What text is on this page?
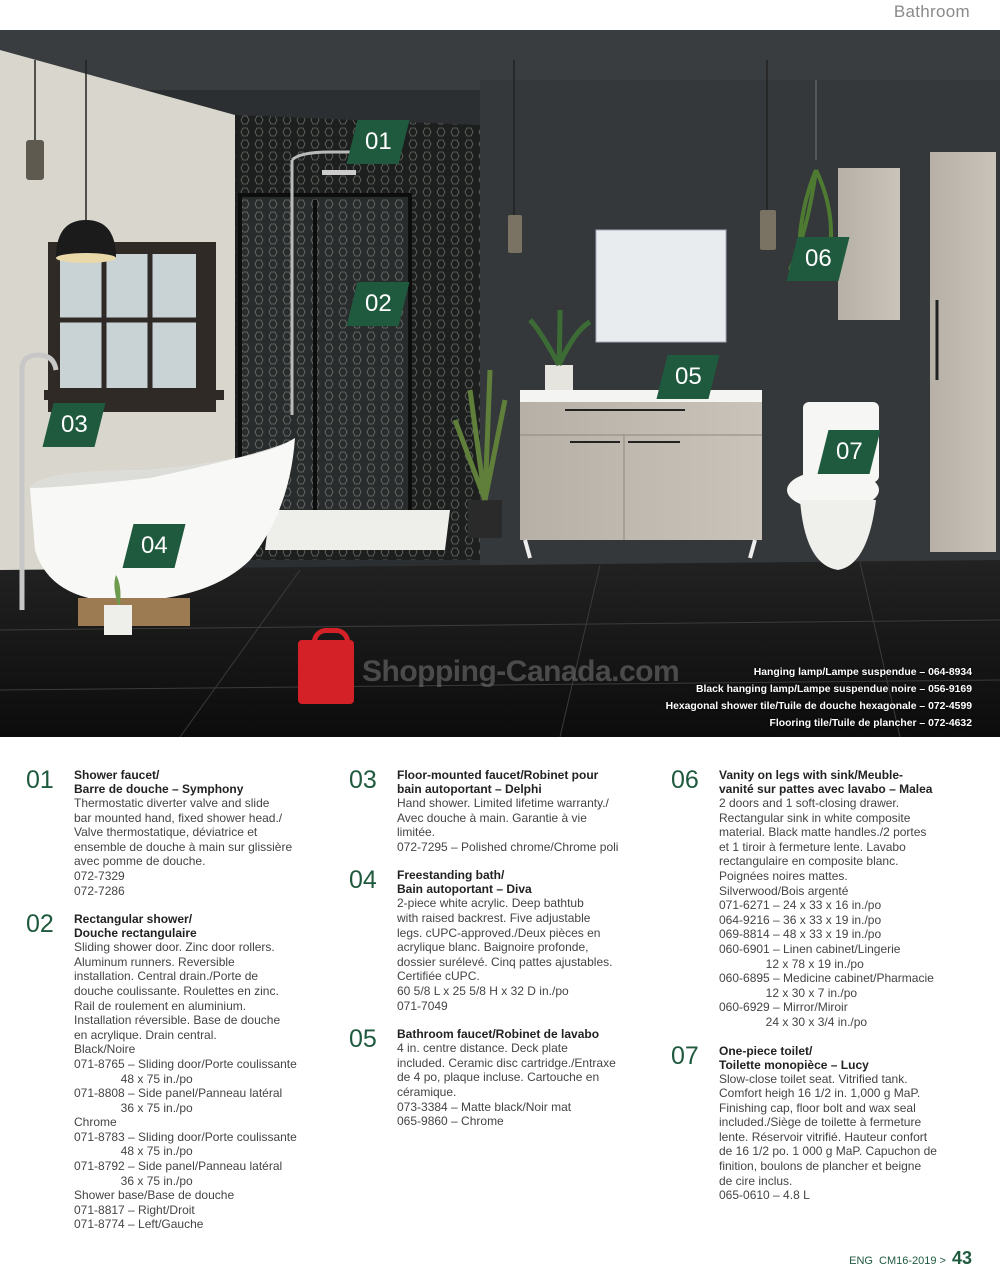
Bathroom
01
02
03
04
05
06
07
Shopping-Canada.com	Hanging lamp/Lampe suspendue – 064-8934
Black hanging lamp/Lampe suspendue noire – 056-9169
Hexagonal shower tile/Tuile de douche hexagonale – 072-4599
Flooring tile/Tuile de plancher – 072-4632
01 Shower faucet/
Barre de douche – Symphony
Thermostatic diverter valve and slide
bar mounted hand, fixed shower head./
Valve thermostatique, déviatrice et
ensemble de douche à main sur glissière
avec pomme de douche.
072-7329
072-7286
02 Rectangular shower/
Douche rectangulaire
Sliding shower door. Zinc door rollers.
Aluminum runners. Reversible
installation. Central drain./Porte de
douche coulissante. Roulettes en zinc.
Rail de roulement en aluminium.
Installation réversible. Base de douche
en acrylique. Drain central.
Black/Noire
071-8765 – Sliding door/Porte coulissante
48 x 75 in./po
071-8808 – Side panel/Panneau latéral
36 x 75 in./po
Chrome
071-8783 – Sliding door/Porte coulissante
48 x 75 in./po
071-8792 – Side panel/Panneau latéral
36 x 75 in./po
Shower base/Base de douche
071-8817 – Right/Droit
071-8774 – Left/Gauche
03 Floor-mounted faucet/Robinet pour
bain autoportant – Delphi
Hand shower. Limited lifetime warranty./
Avec douche à main. Garantie à vie
limitée.
072-7295 – Polished chrome/Chrome poli
04 Freestanding bath/
Bain autoportant – Diva
2-piece white acrylic. Deep bathtub
with raised backrest. Five adjustable
legs. cUPC-approved./Deux pièces en
acrylique blanc. Baignoire profonde,
dossier surélevé. Cinq pattes ajustables.
Certifiée cUPC.
60 5/8 L x 25 5/8 H x 32 D in./po
071-7049
05 Bathroom faucet/Robinet de lavabo
4 in. centre distance. Deck plate
included. Ceramic disc cartridge./Entraxe
de 4 po, plaque incluse. Cartouche en
céramique.
073-3384 – Matte black/Noir mat
065-9860 – Chrome
06 Vanity on legs with sink/Meuble-
vanité sur pattes avec lavabo – Malea
2 doors and 1 soft-closing drawer.
Rectangular sink in white composite
material. Black matte handles./2 portes
et 1 tiroir à fermeture lente. Lavabo
rectangulaire en composite blanc.
Poignées noires mattes.
Silverwood/Bois argenté
071-6271 – 24 x 33 x 16 in./po
064-9216 – 36 x 33 x 19 in./po
069-8814 – 48 x 33 x 19 in./po
060-6901 – Linen cabinet/Lingerie
12 x 78 x 19 in./po
060-6895 – Medicine cabinet/Pharmacie
12 x 30 x 7 in./po
060-6929 – Mirror/Miroir
24 x 30 x 3/4 in./po
07 One-piece toilet/
Toilette monopièce – Lucy
Slow-close toilet seat. Vitrified tank.
Comfort heigh 16 1/2 in. 1,000 g MaP.
Finishing cap, floor bolt and wax seal
included./Siège de toilette à fermeture
lente. Réservoir vitrifié. Hauteur confort
de 16 1/2 po. 1 000 g MaP. Capuchon de
finition, boulons de plancher et beigne
de cire inclus.
065-0610 – 4.8 L
ENG CM16-2019 > 43
